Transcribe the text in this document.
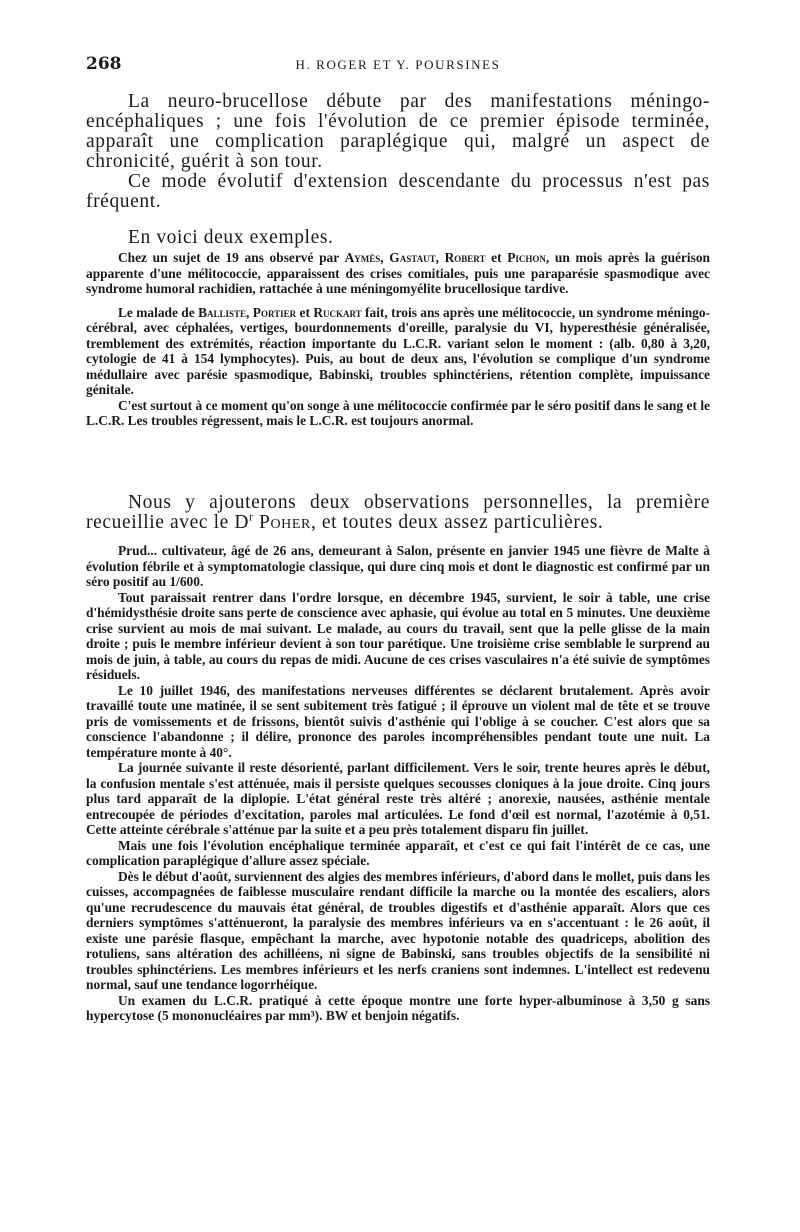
268	H. ROGER ET Y. POURSINES

La neuro-brucellose débute par des manifestations méningo-encéphaliques ; une fois l'évolution de ce premier épisode terminée, apparaît une complication paraplégique qui, malgré un aspect de chronicité, guérit à son tour.

Ce mode évolutif d'extension descendante du processus n'est pas fréquent.

En voici deux exemples.

Chez un sujet de 19 ans observé par Aymès, Gastaut, Robert et Pichon, un mois après la guérison apparente d'une mélitococcie, apparaissent des crises comitiales, puis une paraparésie spasmodique avec syndrome humoral rachidien, rattachée à une méningomyélite brucellosique tardive.

Le malade de Balliste, Portier et Ruckart fait, trois ans après une mélitococcie, un syndrome méningo-cérébral, avec céphalées, vertiges, bourdonnements d'oreille, paralysie du VI, hyperesthésie généralisée, tremblement des extrémités, réaction importante du L.C.R. variant selon le moment : (alb. 0,80 à 3,20, cytologie de 41 à 154 lymphocytes). Puis, au bout de deux ans, l'évolution se complique d'un syndrome médullaire avec parésie spasmodique, Babinski, troubles sphinctériens, rétention complète, impuissance génitale.

C'est surtout à ce moment qu'on songe à une mélitococcie confirmée par le séro positif dans le sang et le L.C.R. Les troubles régressent, mais le L.C.R. est toujours anormal.

Nous y ajouterons deux observations personnelles, la première recueillie avec le $D^r$ Poher, et toutes deux assez particulières.

Prud... cultivateur, âgé de 26 ans, demeurant à Salon, présente en janvier 1945 une fièvre de Malte à évolution fébrile et à symptomatologie classique, qui dure cinq mois et dont le diagnostic est confirmé par un séro positif au 1/600.

Tout paraissait rentrer dans l'ordre lorsque, en décembre 1945, survient, le soir à table, une crise d'hémidysthésie droite sans perte de conscience avec aphasie, qui évolue au total en 5 minutes. Une deuxième crise survient au mois de mai suivant. Le malade, au cours du travail, sent que la pelle glisse de la main droite ; puis le membre inférieur devient à son tour parétique. Une troisième crise semblable le surprend au mois de juin, à table, au cours du repas de midi. Aucune de ces crises vasculaires n'a été suivie de symptômes résiduels.

Le 10 juillet 1946, des manifestations nerveuses différentes se déclarent brutalement. Après avoir travaillé toute une matinée, il se sent subitement très fatigué ; il éprouve un violent mal de tête et se trouve pris de vomissements et de frissons, bientôt suivis d'asthénie qui l'oblige à se coucher. C'est alors que sa conscience l'abandonne ; il délire, prononce des paroles incompréhensibles pendant toute une nuit. La température monte à 40°.

La journée suivante il reste désorienté, parlant difficilement. Vers le soir, trente heures après le début, la confusion mentale s'est atténuée, mais il persiste quelques secousses cloniques à la joue droite. Cinq jours plus tard apparaît de la diplopie. L'état général reste très altéré ; anorexie, nausées, asthénie mentale entrecoupée de périodes d'excitation, paroles mal articulées. Le fond d'œil est normal, l'azotémie à 0,51. Cette atteinte cérébrale s'atténue par la suite et a peu près totalement disparu fin juillet.

Mais une fois l'évolution encéphalique terminée apparaît, et c'est ce qui fait l'intérêt de ce cas, une complication paraplégique d'allure assez spéciale.

Dès le début d'août, surviennent des algies des membres inférieurs, d'abord dans le mollet, puis dans les cuisses, accompagnées de faiblesse musculaire rendant difficile la marche ou la montée des escaliers, alors qu'une recrudescence du mauvais état général, de troubles digestifs et d'asthénie apparaît. Alors que ces derniers symptômes s'atténueront, la paralysie des membres inférieurs va en s'accentuant : le 26 août, il existe une parésie flasque, empêchant la marche, avec hypotonie notable des quadriceps, abolition des rotuliens, sans altération des achilléens, ni signe de Babinski, sans troubles objectifs de la sensibilité ni troubles sphinctériens. Les membres inférieurs et les nerfs craniens sont indemnes. L'intellect est redevenu normal, sauf une tendance logorrhéique.

Un examen du L.C.R. pratiqué à cette époque montre une forte hyper-albuminose à 3,50 g sans hypercytose (5 mononucléaires par mm³). BW et benjoin négatifs.
